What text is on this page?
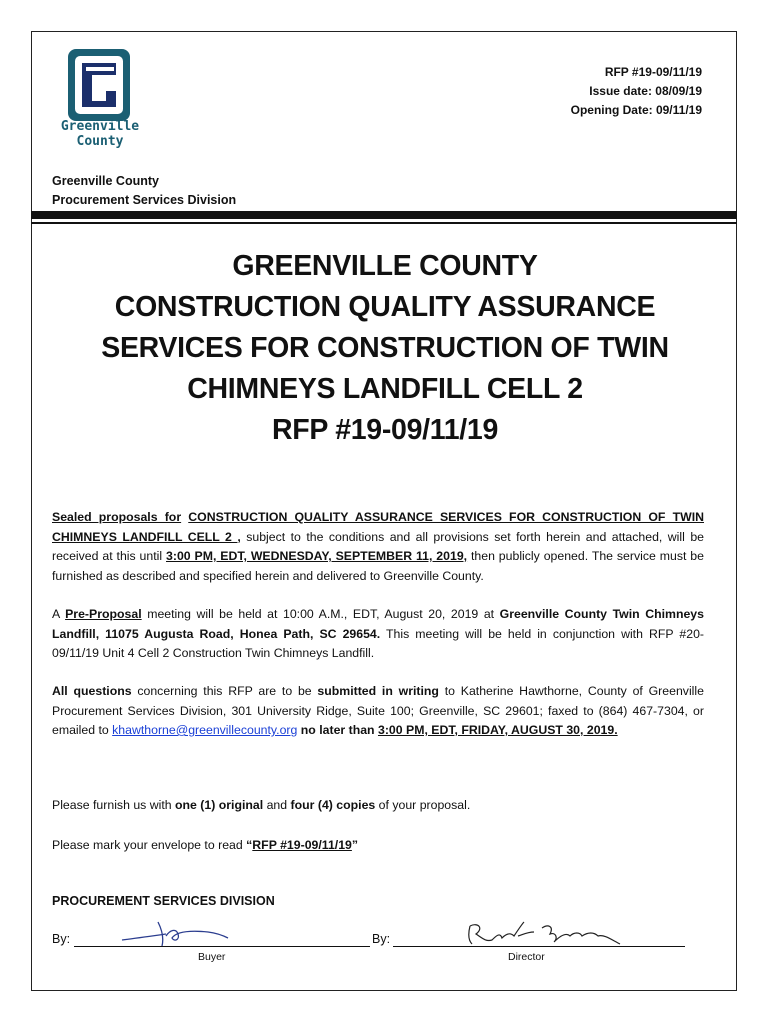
Greenville
County
RFP #19-09/11/19
Issue date: 08/09/19
Opening Date: 09/11/19
Greenville County
Procurement Services Division
GREENVILLE COUNTY
CONSTRUCTION QUALITY ASSURANCE
SERVICES FOR CONSTRUCTION OF TWIN
CHIMNEYS LANDFILL CELL 2
RFP #19-09/11/19
Sealed proposals for CONSTRUCTION QUALITY ASSURANCE SERVICES FOR CONSTRUCTION OF TWIN CHIMNEYS LANDFILL CELL 2 , subject to the conditions and all provisions set forth herein and attached, will be received at this until 3:00 PM, EDT, WEDNESDAY, SEPTEMBER 11, 2019, then publicly opened. The service must be furnished as described and specified herein and delivered to Greenville County.
A Pre-Proposal meeting will be held at 10:00 A.M., EDT, August 20, 2019 at Greenville County Twin Chimneys Landfill, 11075 Augusta Road, Honea Path, SC 29654. This meeting will be held in conjunction with RFP #20-09/11/19 Unit 4 Cell 2 Construction Twin Chimneys Landfill.
All questions concerning this RFP are to be submitted in writing to Katherine Hawthorne, County of Greenville Procurement Services Division, 301 University Ridge, Suite 100; Greenville, SC 29601; faxed to (864) 467-7304, or emailed to khawthorne@greenvillecounty.org no later than 3:00 PM, EDT, FRIDAY, AUGUST 30, 2019.
Please furnish us with one (1) original and four (4) copies of your proposal.
Please mark your envelope to read “RFP #19-09/11/19”
PROCUREMENT SERVICES DIVISION
By:	By:
Buyer	Director
